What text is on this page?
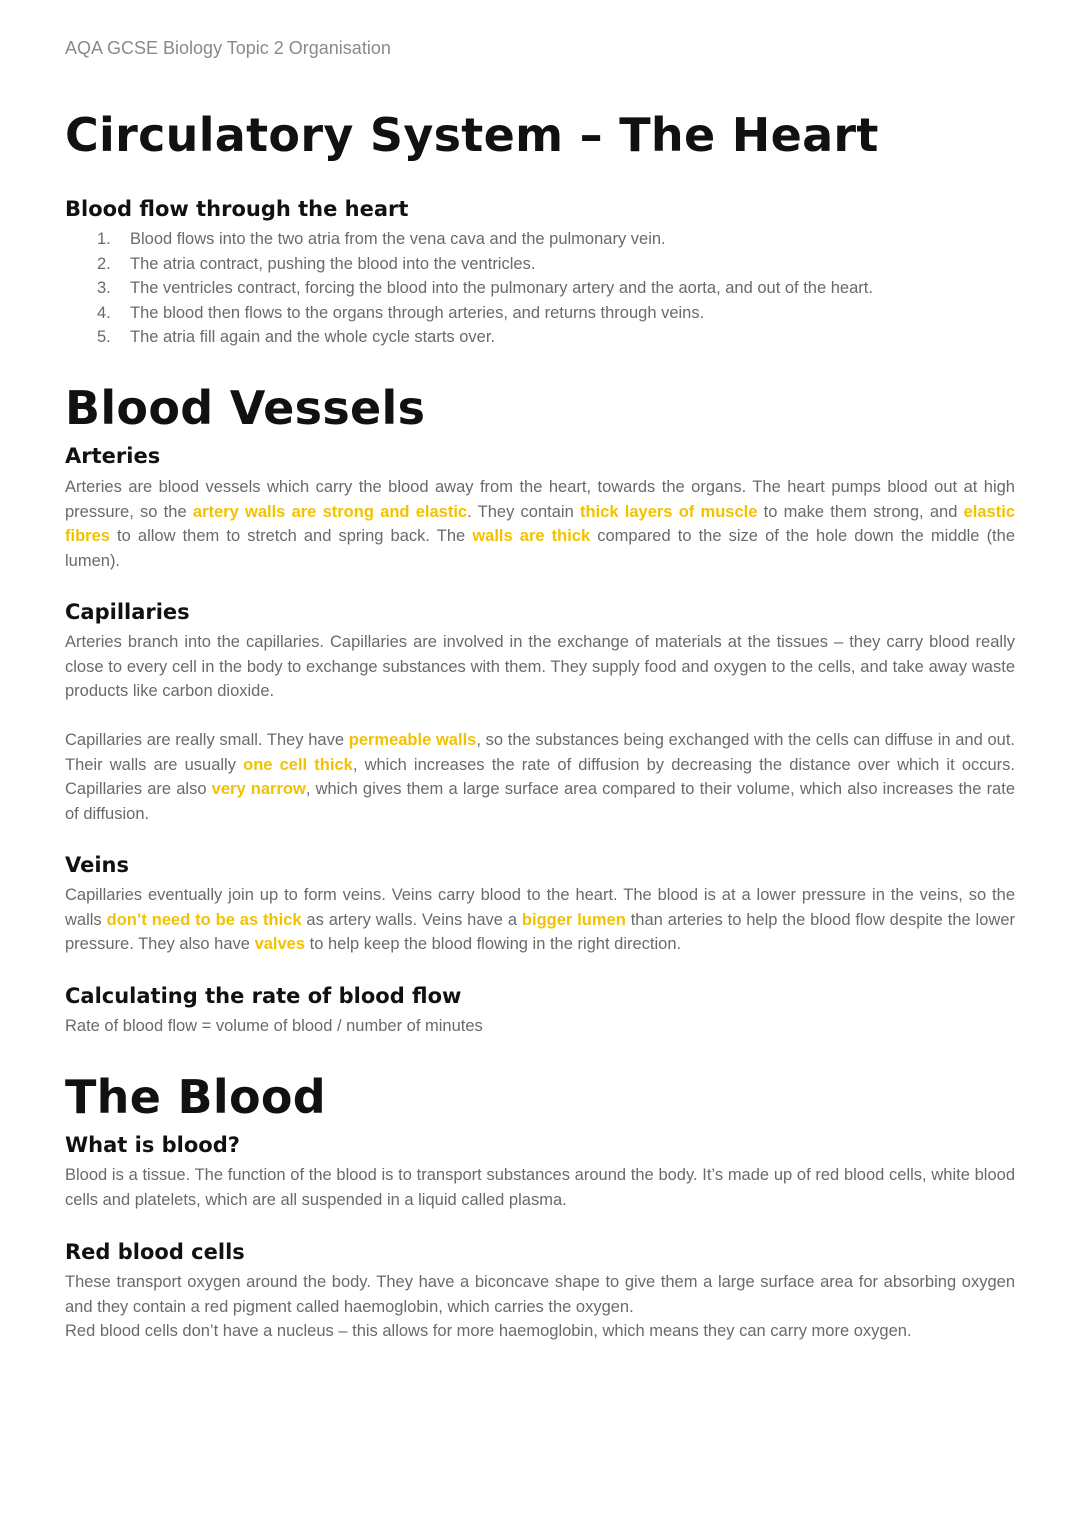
AQA GCSE Biology Topic 2 Organisation
Circulatory System – The Heart
Blood flow through the heart
1. Blood flows into the two atria from the vena cava and the pulmonary vein.
2. The atria contract, pushing the blood into the ventricles.
3. The ventricles contract, forcing the blood into the pulmonary artery and the aorta, and out of the heart.
4. The blood then flows to the organs through arteries, and returns through veins.
5. The atria fill again and the whole cycle starts over.
Blood Vessels
Arteries
Arteries are blood vessels which carry the blood away from the heart, towards the organs. The heart pumps blood out at high pressure, so the artery walls are strong and elastic. They contain thick layers of muscle to make them strong, and elastic fibres to allow them to stretch and spring back. The walls are thick compared to the size of the hole down the middle (the lumen).
Capillaries
Arteries branch into the capillaries. Capillaries are involved in the exchange of materials at the tissues – they carry blood really close to every cell in the body to exchange substances with them. They supply food and oxygen to the cells, and take away waste products like carbon dioxide.
Capillaries are really small. They have permeable walls, so the substances being exchanged with the cells can diffuse in and out. Their walls are usually one cell thick, which increases the rate of diffusion by decreasing the distance over which it occurs. Capillaries are also very narrow, which gives them a large surface area compared to their volume, which also increases the rate of diffusion.
Veins
Capillaries eventually join up to form veins. Veins carry blood to the heart. The blood is at a lower pressure in the veins, so the walls don’t need to be as thick as artery walls. Veins have a bigger lumen than arteries to help the blood flow despite the lower pressure. They also have valves to help keep the blood flowing in the right direction.
Calculating the rate of blood flow
Rate of blood flow = volume of blood / number of minutes
The Blood
What is blood?
Blood is a tissue. The function of the blood is to transport substances around the body. It’s made up of red blood cells, white blood cells and platelets, which are all suspended in a liquid called plasma.
Red blood cells
These transport oxygen around the body. They have a biconcave shape to give them a large surface area for absorbing oxygen and they contain a red pigment called haemoglobin, which carries the oxygen.
Red blood cells don’t have a nucleus – this allows for more haemoglobin, which means they can carry more oxygen.
